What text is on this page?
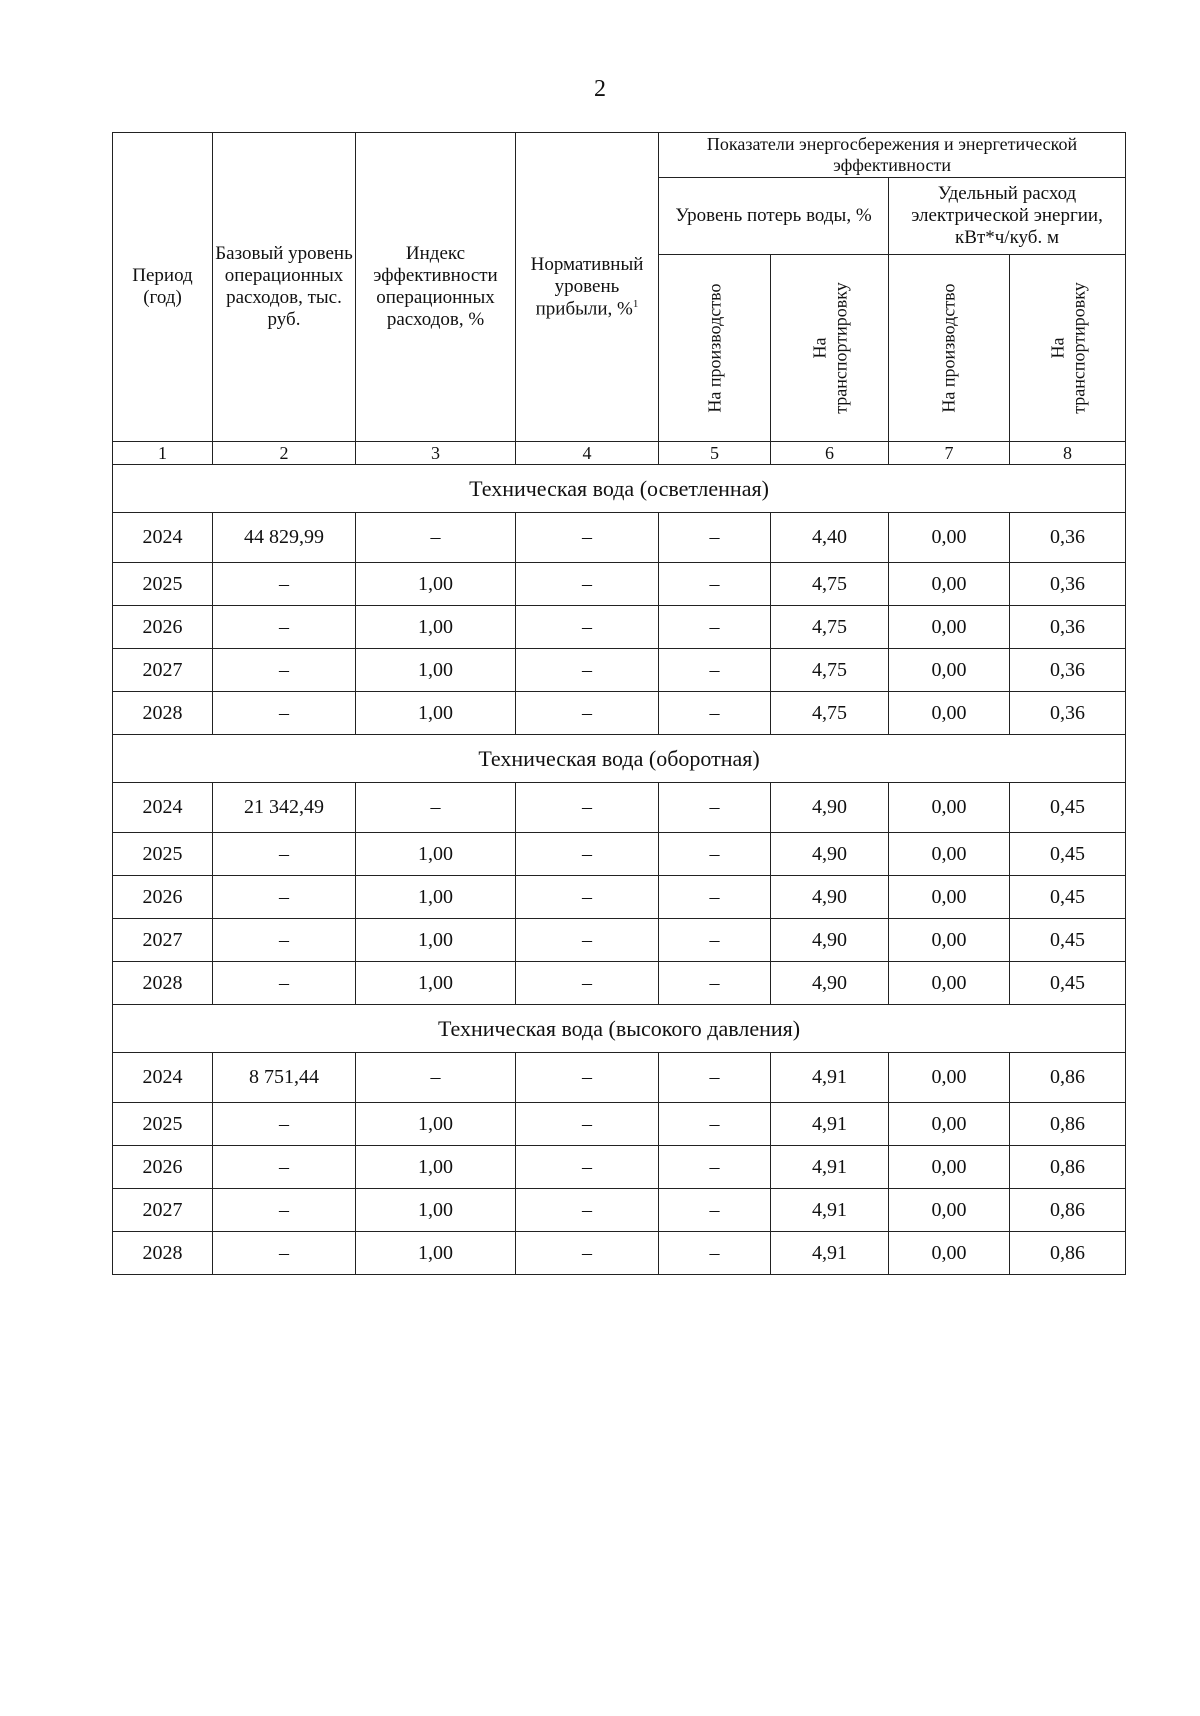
2
Период (год)	Базовый уровень операционных расходов, тыс. руб.	Индекс эффективности операционных расходов, %	Нормативный уровень прибыли, %$^1$	Показатели энергосбережения и энергетической эффективности			
				Уровень потерь воды, %		Удельный расход электрической энергии, кВт*ч/куб. м	

				На производство	На транспортировку	На производство	На транспортировку

1	2	3	4	5	6	7	8
Техническая вода (осветленная)							
2024	44 829,99	–	–	–	4,40	0,00	0,36
2025	–	1,00	–	–	4,75	0,00	0,36
2026	–	1,00	–	–	4,75	0,00	0,36
2027	–	1,00	–	–	4,75	0,00	0,36
2028	–	1,00	–	–	4,75	0,00	0,36
Техническая вода (оборотная)							
2024	21 342,49	–	–	–	4,90	0,00	0,45
2025	–	1,00	–	–	4,90	0,00	0,45
2026	–	1,00	–	–	4,90	0,00	0,45
2027	–	1,00	–	–	4,90	0,00	0,45
2028	–	1,00	–	–	4,90	0,00	0,45
Техническая вода (высокого давления)							
2024	8 751,44	–	–	–	4,91	0,00	0,86
2025	–	1,00	–	–	4,91	0,00	0,86
2026	–	1,00	–	–	4,91	0,00	0,86
2027	–	1,00	–	–	4,91	0,00	0,86
2028	–	1,00	–	–	4,91	0,00	0,86
